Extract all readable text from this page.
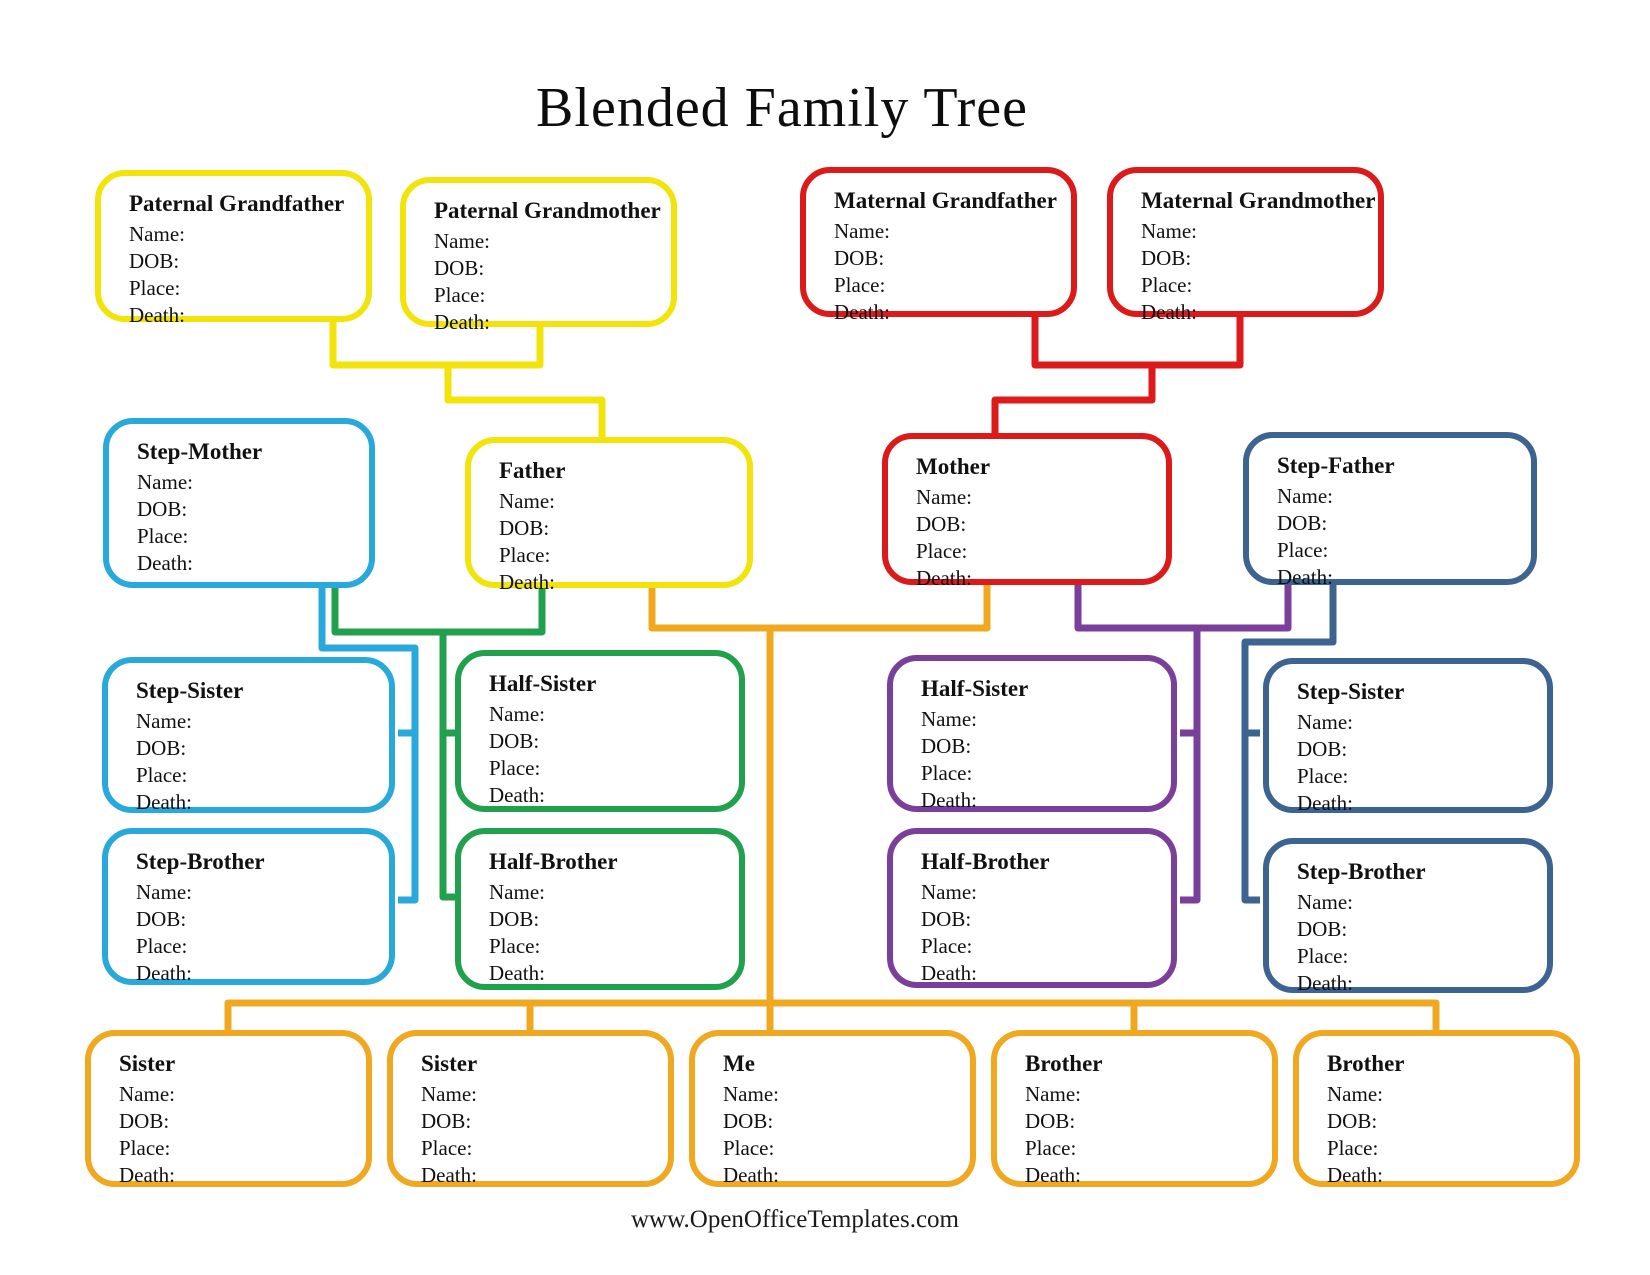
Blended Family Tree
Paternal Grandfather
Name:
DOB:
Place:
Death:
Paternal Grandmother
Name:
DOB:
Place:
Death:
Maternal Grandfather
Name:
DOB:
Place:
Death:
Maternal Grandmother
Name:
DOB:
Place:
Death:
Step-Mother
Name:
DOB:
Place:
Death:
Father
Name:
DOB:
Place:
Death:
Mother
Name:
DOB:
Place:
Death:
Step-Father
Name:
DOB:
Place:
Death:
Step-Sister
Name:
DOB:
Place:
Death:
Half-Sister
Name:
DOB:
Place:
Death:
Half-Sister
Name:
DOB:
Place:
Death:
Step-Sister
Name:
DOB:
Place:
Death:
Step-Brother
Name:
DOB:
Place:
Death:
Half-Brother
Name:
DOB:
Place:
Death:
Half-Brother
Name:
DOB:
Place:
Death:
Step-Brother
Name:
DOB:
Place:
Death:
Sister
Name:
DOB:
Place:
Death:
Sister
Name:
DOB:
Place:
Death:
Me
Name:
DOB:
Place:
Death:
Brother
Name:
DOB:
Place:
Death:
Brother
Name:
DOB:
Place:
Death:
www.OpenOfficeTemplates.com
